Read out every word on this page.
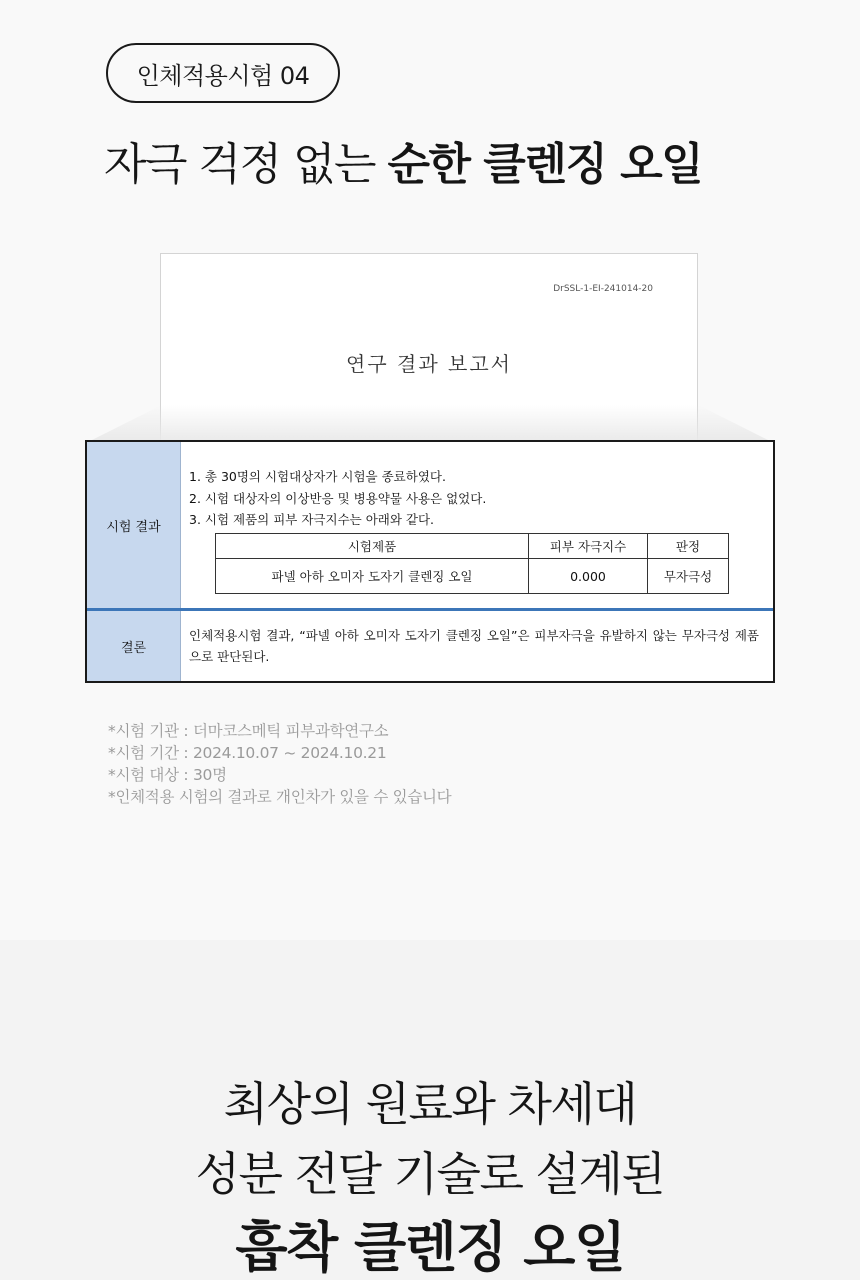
인체적용시험 04
자극 걱정 없는 순한 클렌징 오일
DrSSL-1-EI-241014-20
연구 결과 보고서
시험 결과
1. 총 30명의 시험대상자가 시험을 종료하였다.
2. 시험 대상자의 이상반응 및 병용약물 사용은 없었다.
3. 시험 제품의 피부 자극지수는 아래와 같다.
시험제품	피부 자극지수	판정
파넬 아하 오미자 도자기 클렌징 오일	0.000	무자극성
결론
인체적용시험 결과, “파넬 아하 오미자 도자기 클렌징 오일”은 피부자극을 유발하지 않는 무자극성 제품으로 판단된다.
*시험 기관 : 더마코스메틱 피부과학연구소
*시험 기간 : 2024.10.07 ~ 2024.10.21
*시험 대상 : 30명
*인체적용 시험의 결과로 개인차가 있을 수 있습니다
최상의 원료와 차세대
성분 전달 기술로 설계된
흡착 클렌징 오일
